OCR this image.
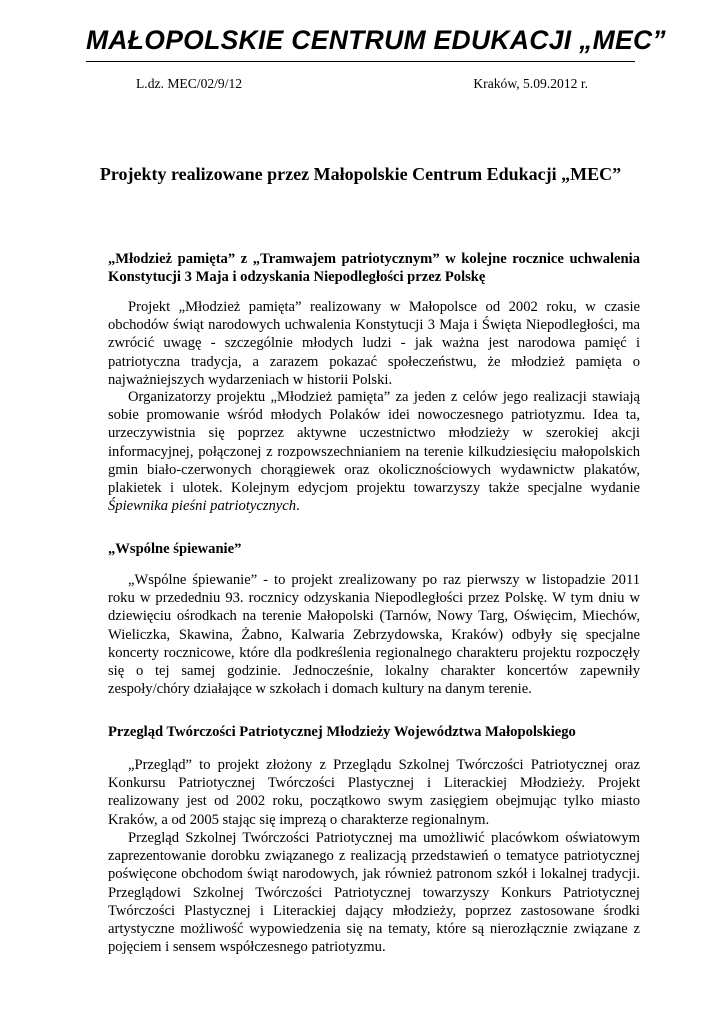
MAŁOPOLSKIE CENTRUM EDUKACJI „MEC”
L.dz. MEC/02/9/12	Kraków, 5.09.2012 r.
Projekty realizowane przez Małopolskie Centrum Edukacji „MEC”
„Młodzież pamięta” z „Tramwajem patriotycznym” w kolejne rocznice uchwalenia Konstytucji 3 Maja i odzyskania Niepodległości przez Polskę
Projekt „Młodzież pamięta” realizowany w Małopolsce od 2002 roku, w czasie obchodów świąt narodowych uchwalenia Konstytucji 3 Maja i Święta Niepodległości, ma zwrócić uwagę - szczególnie młodych ludzi - jak ważna jest narodowa pamięć i patriotyczna tradycja, a zarazem pokazać społeczeństwu, że młodzież pamięta o najważniejszych wydarzeniach w historii Polski.
Organizatorzy projektu „Młodzież pamięta” za jeden z celów jego realizacji stawiają sobie promowanie wśród młodych Polaków idei nowoczesnego patriotyzmu. Idea ta, urzeczywistnia się poprzez aktywne uczestnictwo młodzieży w szerokiej akcji informacyjnej, połączonej z rozpowszechnianiem na terenie kilkudziesięciu małopolskich gmin biało-czerwonych chorągiewek oraz okolicznościowych wydawnictw plakatów, plakietek i ulotek. Kolejnym edycjom projektu towarzyszy także specjalne wydanie Śpiewnika pieśni patriotycznych.
„Wspólne śpiewanie”
„Wspólne śpiewanie” - to projekt zrealizowany po raz pierwszy w listopadzie 2011 roku w przededniu 93. rocznicy odzyskania Niepodległości przez Polskę. W tym dniu w dziewięciu ośrodkach na terenie Małopolski (Tarnów, Nowy Targ, Oświęcim, Miechów, Wieliczka, Skawina, Żabno, Kalwaria Zebrzydowska, Kraków) odbyły się specjalne koncerty rocznicowe, które dla podkreślenia regionalnego charakteru projektu rozpoczęły się o tej samej godzinie. Jednocześnie, lokalny charakter koncertów zapewniły zespoły/chóry działające w szkołach i domach kultury na danym terenie.
Przegląd Twórczości Patriotycznej Młodzieży Województwa Małopolskiego
„Przegląd” to projekt złożony z Przeglądu Szkolnej Twórczości Patriotycznej oraz Konkursu Patriotycznej Twórczości Plastycznej i Literackiej Młodzieży. Projekt realizowany jest od 2002 roku, początkowo swym zasięgiem obejmując tylko miasto Kraków, a od 2005 stając się imprezą o charakterze regionalnym.
Przegląd Szkolnej Twórczości Patriotycznej ma umożliwić placówkom oświatowym zaprezentowanie dorobku związanego z realizacją przedstawień o tematyce patriotycznej poświęcone obchodom świąt narodowych, jak również patronom szkół i lokalnej tradycji. Przeglądowi Szkolnej Twórczości Patriotycznej towarzyszy Konkurs Patriotycznej Twórczości Plastycznej i Literackiej dający młodzieży, poprzez zastosowane środki artystyczne możliwość wypowiedzenia się na tematy, które są nierozłącznie związane z pojęciem i sensem współczesnego patriotyzmu.
